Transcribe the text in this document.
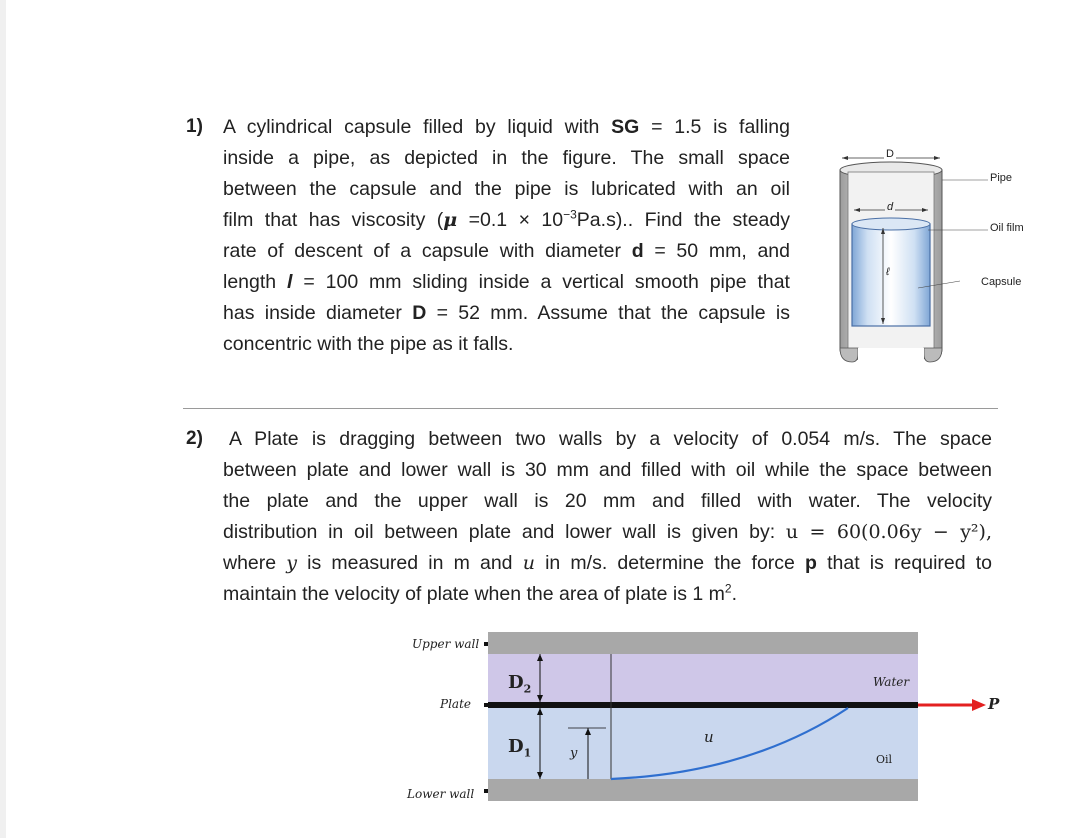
1) A cylindrical capsule filled by liquid with SG = 1.5 is falling
inside a pipe, as depicted in the figure. The small space
between the capsule and the pipe is lubricated with an oil
film that has viscosity $(\mu =0.1 \times 10^{-3}Pa.s)$.. Find the steady
rate of descent of a capsule with diameter d = 50 mm, and
length l = 100 mm sliding inside a vertical smooth pipe that
has inside diameter D = 52 mm. Assume that the capsule is
concentric with the pipe as it falls.
D
d
ℓ
Pipe
Oil film
Capsule
2)	A Plate is dragging between two walls by a velocity of 0.054 m/s. The space
between plate and lower wall is 30 mm and filled with oil while the space between
the plate and the upper wall is 20 mm and filled with water. The velocity
distribution in oil between plate and lower wall is given by: u = 60(0.06y − y²),
where y is measured in m and u in m/s. determine the force p that is required to
maintain the velocity of plate when the area of plate is 1 $m^2$.
Upper wall
Plate
Lower wall
Water
Oil
P
$D_2$
$D_1$	y
u
